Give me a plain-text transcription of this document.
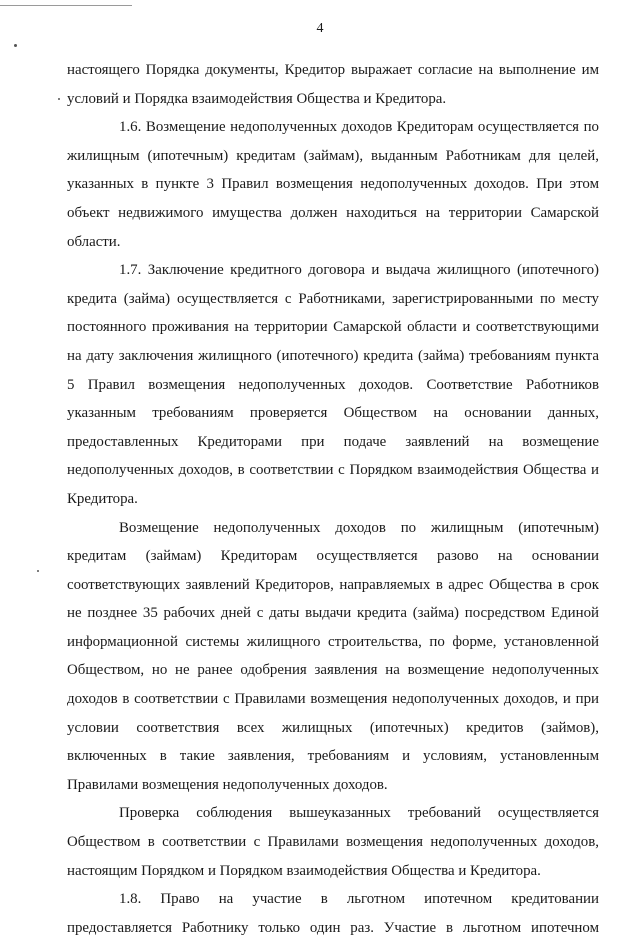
4

настоящего Порядка документы, Кредитор выражает согласие на выполнение им условий и Порядка взаимодействия Общества и Кредитора.

1.6. Возмещение недополученных доходов Кредиторам осуществляется по жилищным (ипотечным) кредитам (займам), выданным Работникам для целей, указанных в пункте 3 Правил возмещения недополученных доходов. При этом объект недвижимого имущества должен находиться на территории Самарской области.

1.7. Заключение кредитного договора и выдача жилищного (ипотечного) кредита (займа) осуществляется с Работниками, зарегистрированными по месту постоянного проживания на территории Самарской области и соответствующими на дату заключения жилищного (ипотечного) кредита (займа) требованиям пункта 5 Правил возмещения недополученных доходов. Соответствие Работников указанным требованиям проверяется Обществом на основании данных, предоставленных Кредиторами при подаче заявлений на возмещение недополученных доходов, в соответствии с Порядком взаимодействия Общества и Кредитора.

Возмещение недополученных доходов по жилищным (ипотечным) кредитам (займам) Кредиторам осуществляется разово на основании соответствующих заявлений Кредиторов, направляемых в адрес Общества в срок не позднее 35 рабочих дней с даты выдачи кредита (займа) посредством Единой информационной системы жилищного строительства, по форме, установленной Обществом, но не ранее одобрения заявления на возмещение недополученных доходов в соответствии с Правилами возмещения недополученных доходов, и при условии соответствия всех жилищных (ипотечных) кредитов (займов), включенных в такие заявления, требованиям и условиям, установленным Правилами возмещения недополученных доходов.

Проверка соблюдения вышеуказанных требований осуществляется Обществом в соответствии с Правилами возмещения недополученных доходов, настоящим Порядком и Порядком взаимодействия Общества и Кредитора.

1.8. Право на участие в льготном ипотечном кредитовании предоставляется Работнику только один раз. Участие в льготном ипотечном
